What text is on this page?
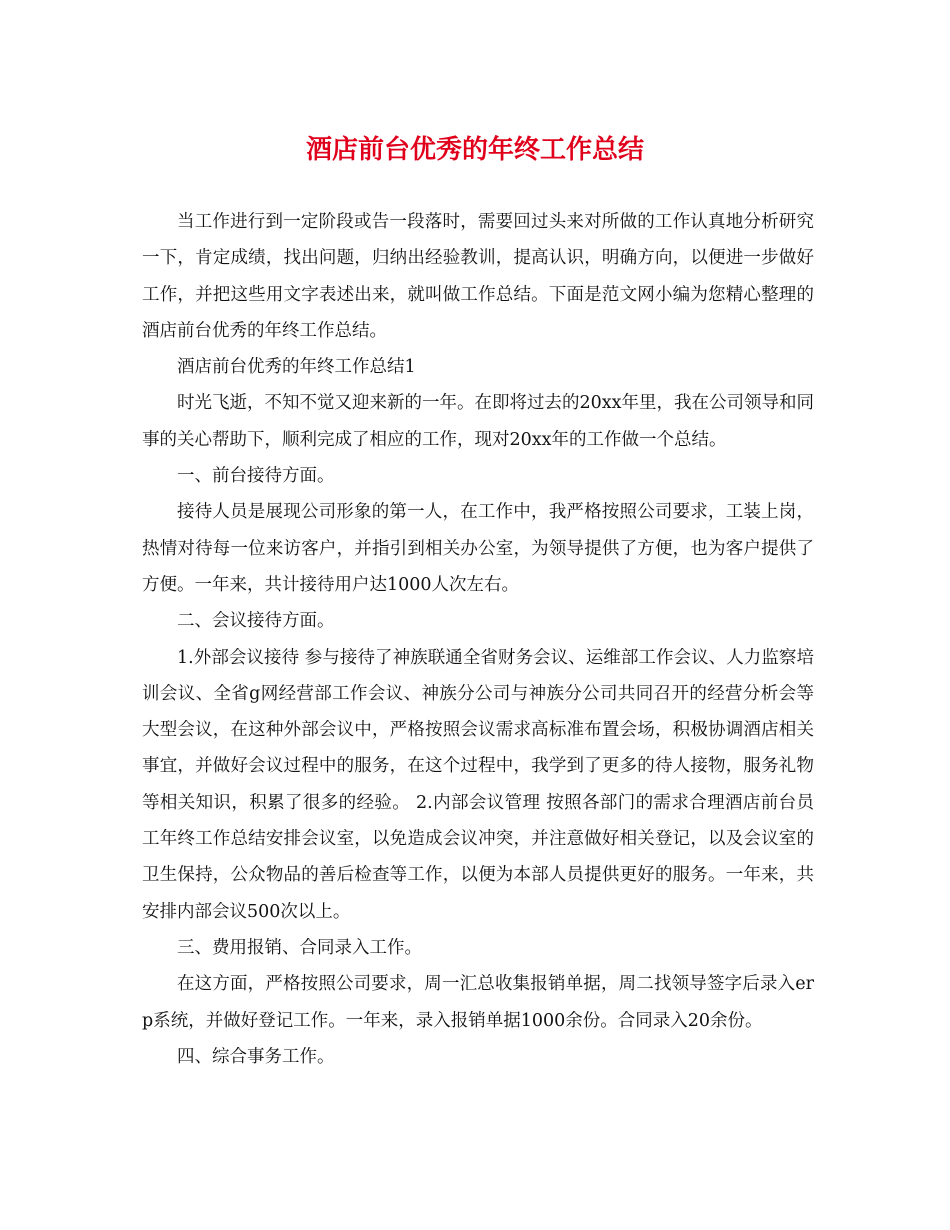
酒店前台优秀的年终工作总结

当工作进行到一定阶段或告一段落时，需要回过头来对所做的工作认真地分析研究一下，肯定成绩，找出问题，归纳出经验教训，提高认识，明确方向，以便进一步做好工作，并把这些用文字表述出来，就叫做工作总结。下面是范文网小编为您精心整理的酒店前台优秀的年终工作总结。

酒店前台优秀的年终工作总结1

时光飞逝，不知不觉又迎来新的一年。在即将过去的20xx年里，我在公司领导和同事的关心帮助下，顺利完成了相应的工作，现对20xx年的工作做一个总结。

一、前台接待方面。

接待人员是展现公司形象的第一人，在工作中，我严格按照公司要求，工装上岗，热情对待每一位来访客户，并指引到相关办公室，为领导提供了方便，也为客户提供了方便。一年来，共计接待用户达1000人次左右。

二、会议接待方面。

1.外部会议接待 参与接待了神族联通全省财务会议、运维部工作会议、人力监察培训会议、全省g网经营部工作会议、神族分公司与神族分公司共同召开的经营分析会等大型会议，在这种外部会议中，严格按照会议需求高标准布置会场，积极协调酒店相关事宜，并做好会议过程中的服务，在这个过程中，我学到了更多的待人接物，服务礼物等相关知识，积累了很多的经验。 2.内部会议管理 按照各部门的需求合理酒店前台员工年终工作总结安排会议室，以免造成会议冲突，并注意做好相关登记，以及会议室的卫生保持，公众物品的善后检查等工作，以便为本部人员提供更好的服务。一年来，共安排内部会议500次以上。

三、费用报销、合同录入工作。

在这方面，严格按照公司要求，周一汇总收集报销单据，周二找领导签字后录入erp系统，并做好登记工作。一年来，录入报销单据1000余份。合同录入20余份。

四、综合事务工作。
